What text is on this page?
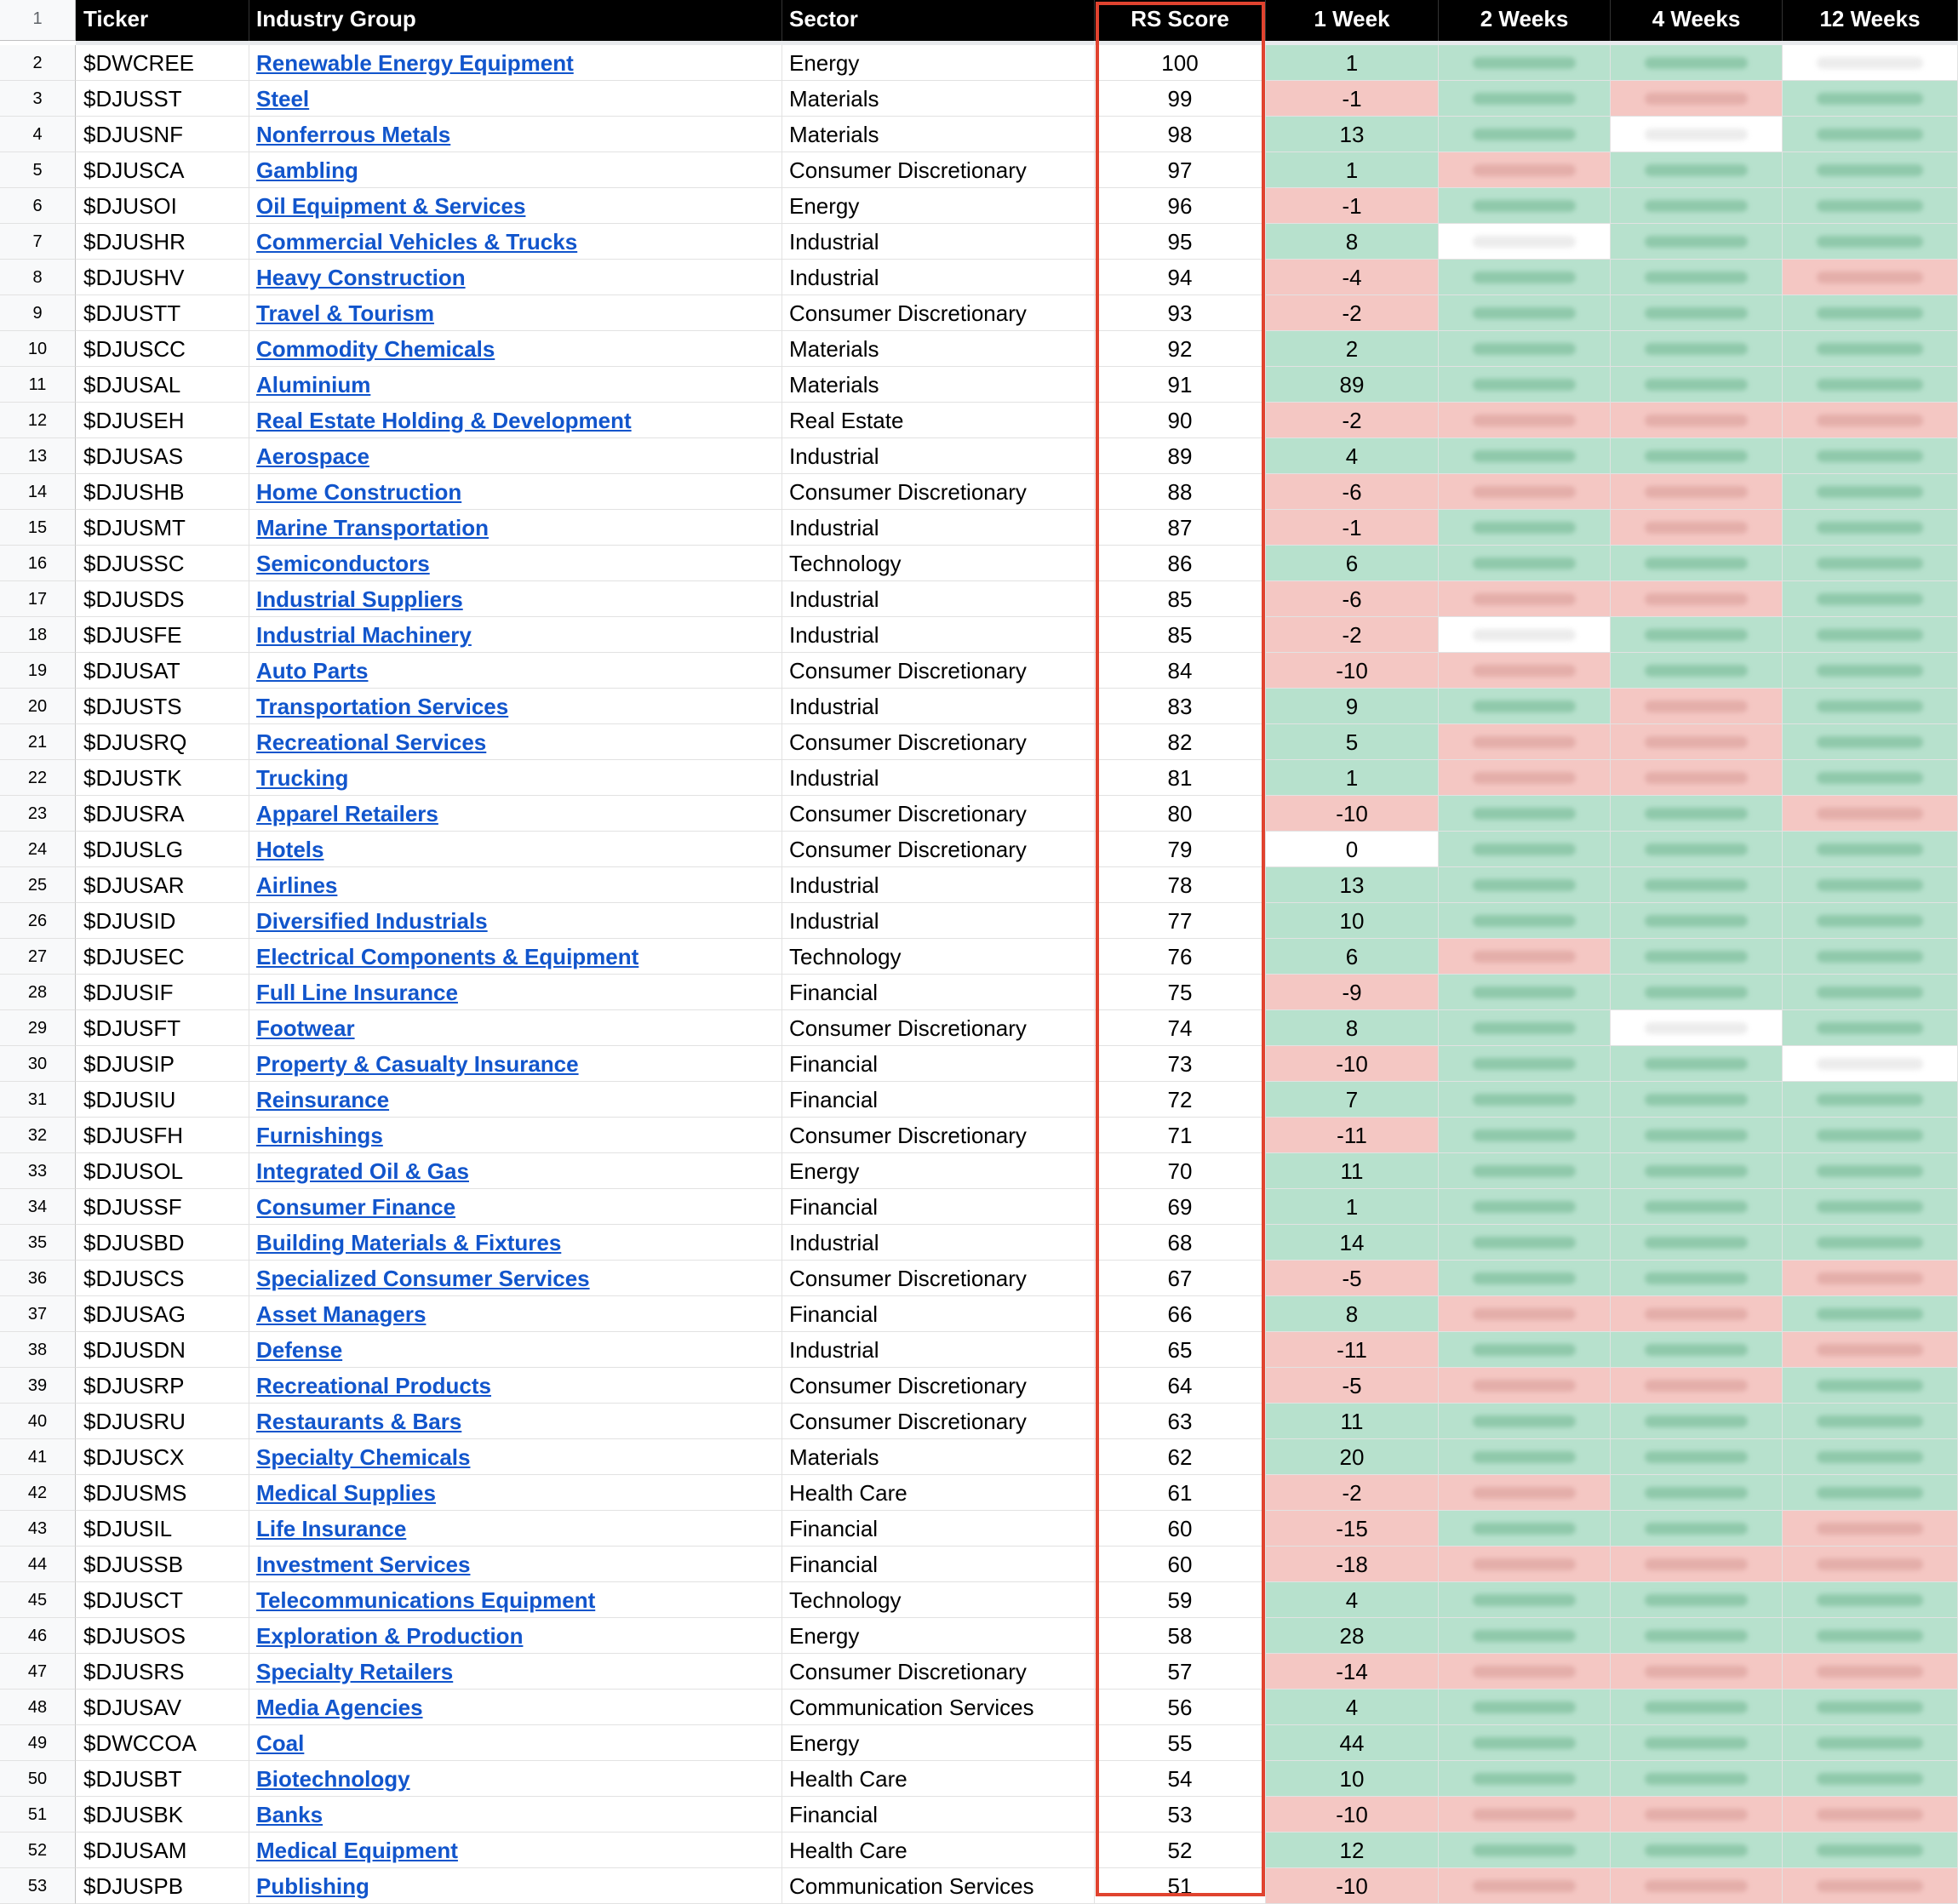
1	Ticker	Industry Group	Sector	RS Score	1 Week	2 Weeks	4 Weeks	12 Weeks
2	$DWCREE	Renewable Energy Equipment	Energy	100	1
3	$DJUSST	Steel	Materials	99	-1
4	$DJUSNF	Nonferrous Metals	Materials	98	13
5	$DJUSCA	Gambling	Consumer Discretionary	97	1
6	$DJUSOI	Oil Equipment & Services	Energy	96	-1
7	$DJUSHR	Commercial Vehicles & Trucks	Industrial	95	8
8	$DJUSHV	Heavy Construction	Industrial	94	-4
9	$DJUSTT	Travel & Tourism	Consumer Discretionary	93	-2
10	$DJUSCC	Commodity Chemicals	Materials	92	2
11	$DJUSAL	Aluminium	Materials	91	89
12	$DJUSEH	Real Estate Holding & Development	Real Estate	90	-2
13	$DJUSAS	Aerospace	Industrial	89	4
14	$DJUSHB	Home Construction	Consumer Discretionary	88	-6
15	$DJUSMT	Marine Transportation	Industrial	87	-1
16	$DJUSSC	Semiconductors	Technology	86	6
17	$DJUSDS	Industrial Suppliers	Industrial	85	-6
18	$DJUSFE	Industrial Machinery	Industrial	85	-2
19	$DJUSAT	Auto Parts	Consumer Discretionary	84	-10
20	$DJUSTS	Transportation Services	Industrial	83	9
21	$DJUSRQ	Recreational Services	Consumer Discretionary	82	5
22	$DJUSTK	Trucking	Industrial	81	1
23	$DJUSRA	Apparel Retailers	Consumer Discretionary	80	-10
24	$DJUSLG	Hotels	Consumer Discretionary	79	0
25	$DJUSAR	Airlines	Industrial	78	13
26	$DJUSID	Diversified Industrials	Industrial	77	10
27	$DJUSEC	Electrical Components & Equipment	Technology	76	6
28	$DJUSIF	Full Line Insurance	Financial	75	-9
29	$DJUSFT	Footwear	Consumer Discretionary	74	8
30	$DJUSIP	Property & Casualty Insurance	Financial	73	-10
31	$DJUSIU	Reinsurance	Financial	72	7
32	$DJUSFH	Furnishings	Consumer Discretionary	71	-11
33	$DJUSOL	Integrated Oil & Gas	Energy	70	11
34	$DJUSSF	Consumer Finance	Financial	69	1
35	$DJUSBD	Building Materials & Fixtures	Industrial	68	14
36	$DJUSCS	Specialized Consumer Services	Consumer Discretionary	67	-5
37	$DJUSAG	Asset Managers	Financial	66	8
38	$DJUSDN	Defense	Industrial	65	-11
39	$DJUSRP	Recreational Products	Consumer Discretionary	64	-5
40	$DJUSRU	Restaurants & Bars	Consumer Discretionary	63	11
41	$DJUSCX	Specialty Chemicals	Materials	62	20
42	$DJUSMS	Medical Supplies	Health Care	61	-2
43	$DJUSIL	Life Insurance	Financial	60	-15
44	$DJUSSB	Investment Services	Financial	60	-18
45	$DJUSCT	Telecommunications Equipment	Technology	59	4
46	$DJUSOS	Exploration & Production	Energy	58	28
47	$DJUSRS	Specialty Retailers	Consumer Discretionary	57	-14
48	$DJUSAV	Media Agencies	Communication Services	56	4
49	$DWCCOA	Coal	Energy	55	44
50	$DJUSBT	Biotechnology	Health Care	54	10
51	$DJUSBK	Banks	Financial	53	-10
52	$DJUSAM	Medical Equipment	Health Care	52	12
53	$DJUSPB	Publishing	Communication Services	51	-10
